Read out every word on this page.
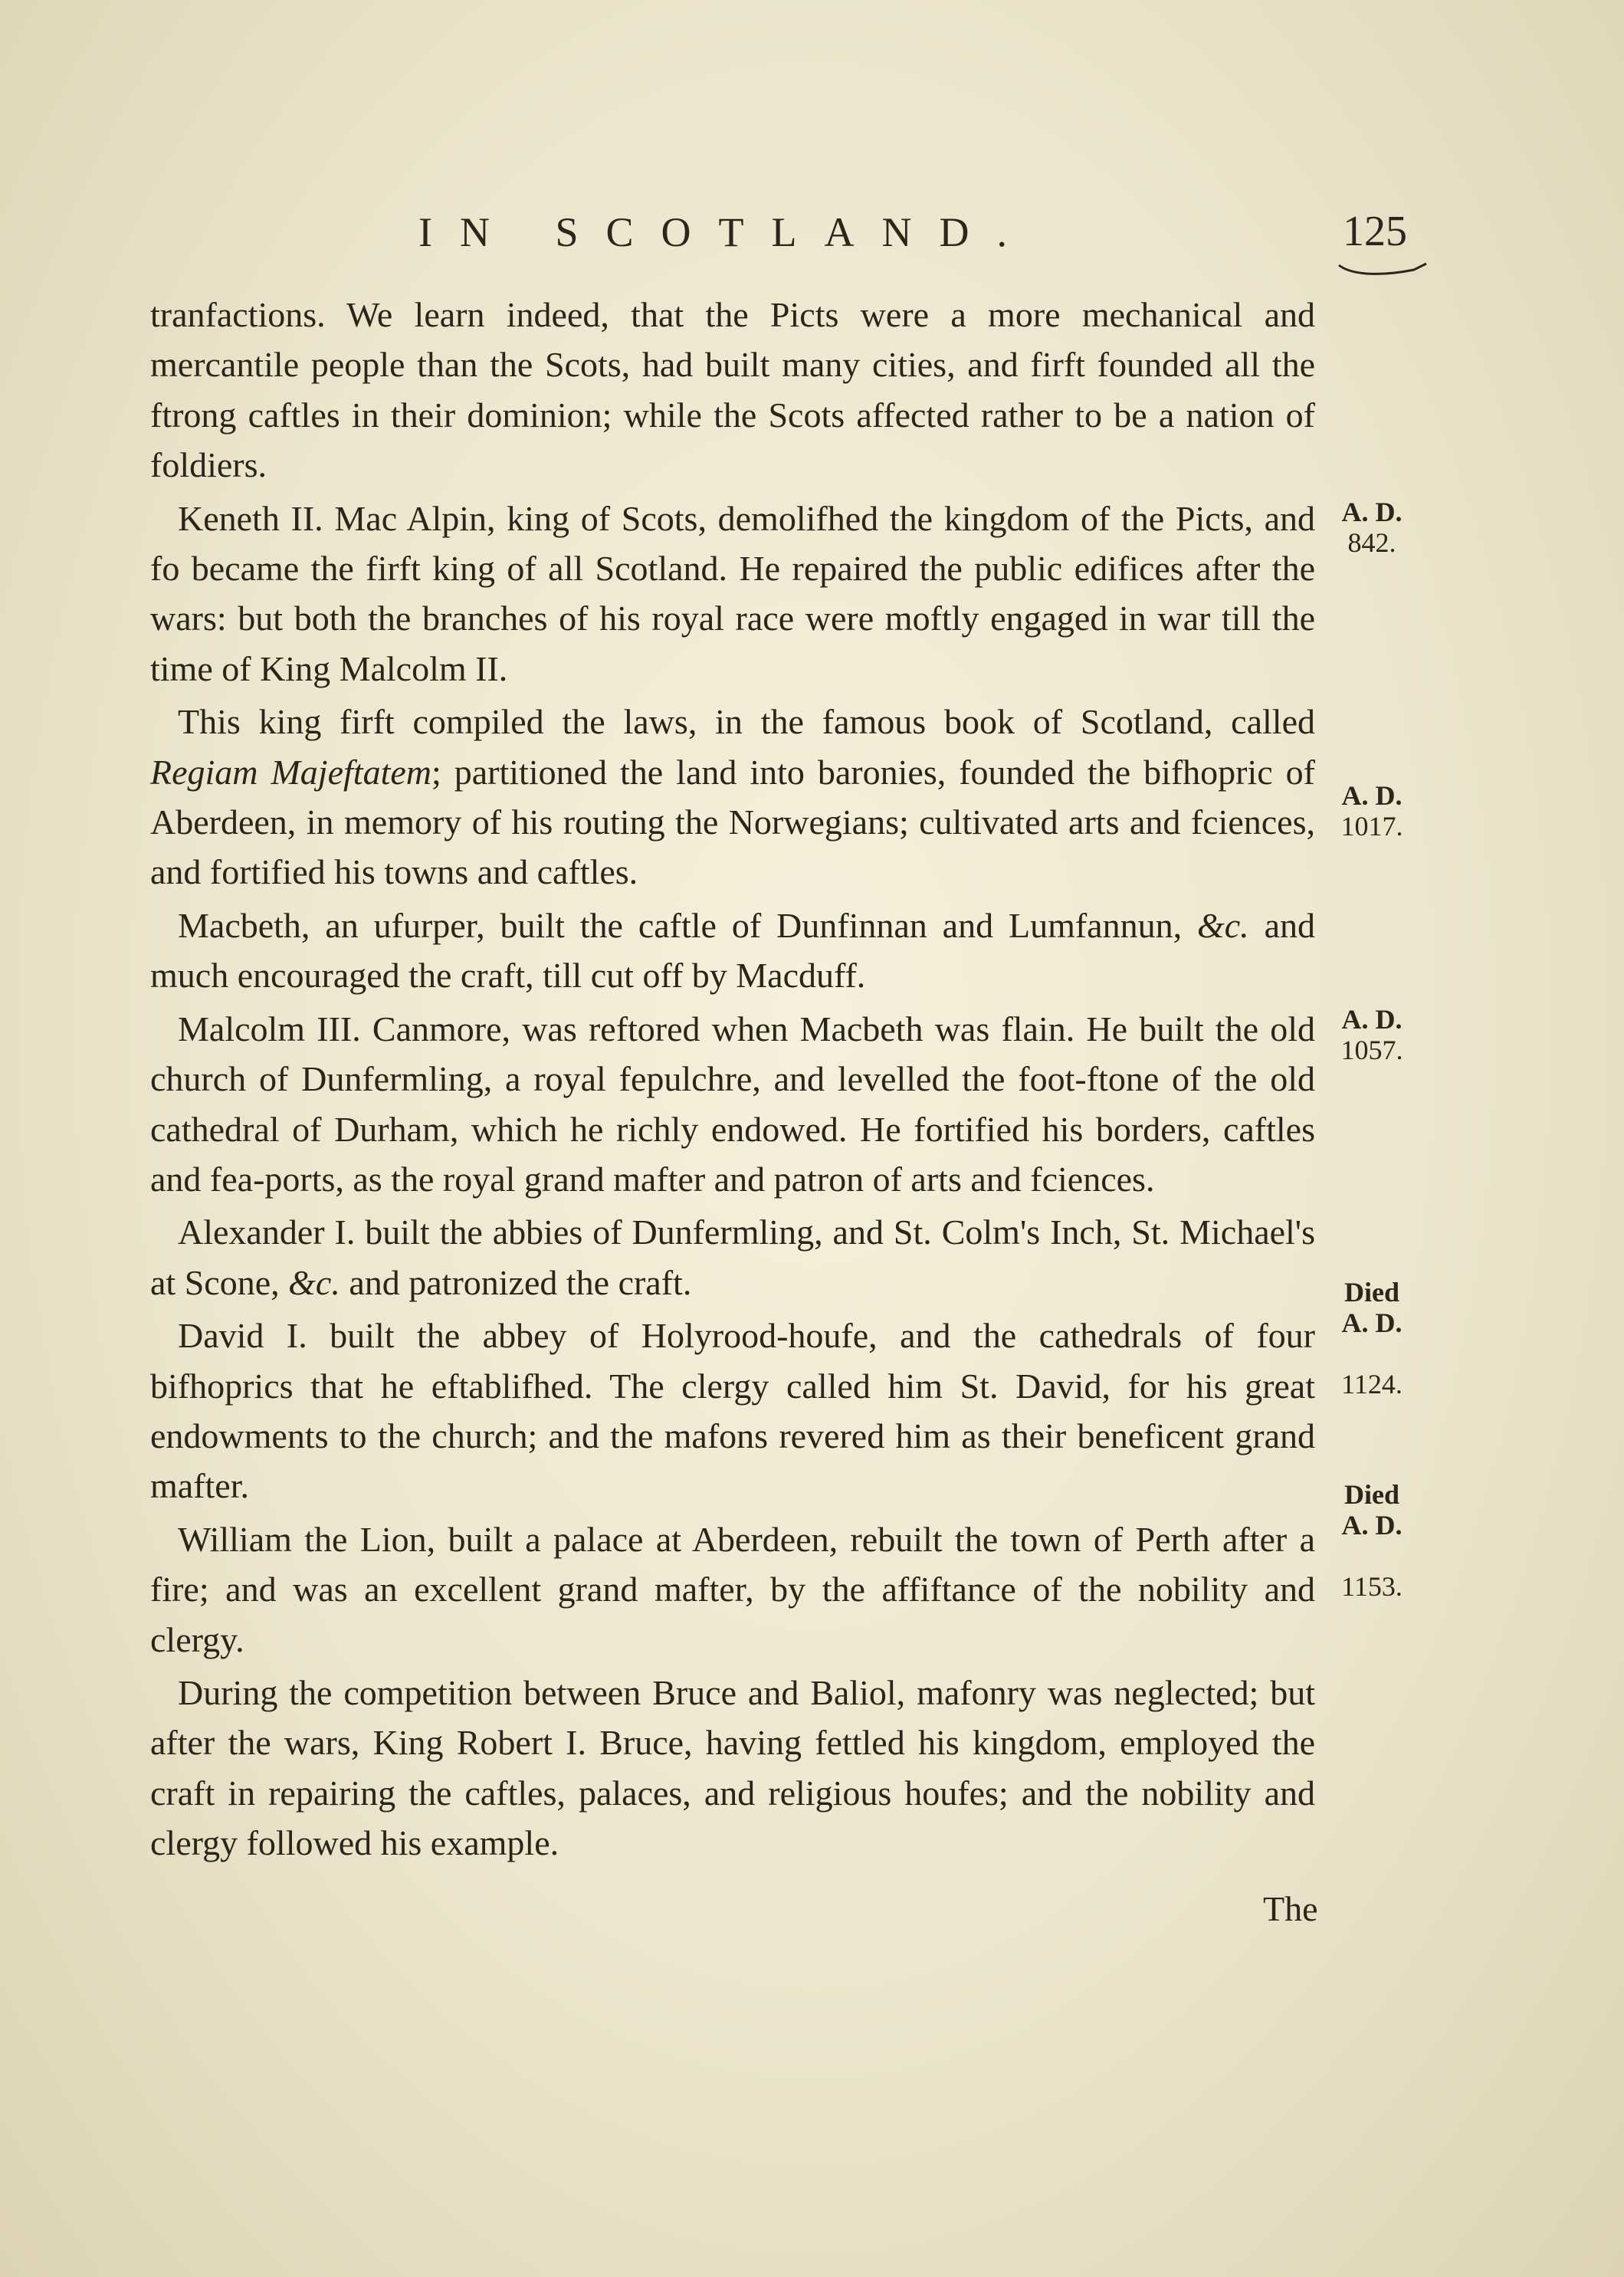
IN SCOTLAND.	125

tranfactions. We learn indeed, that the Picts were a more mechanical and mercantile people than the Scots, had built many cities, and firft founded all the ftrong caftles in their dominion; while the Scots affected rather to be a nation of foldiers.

Keneth II. Mac Alpin, king of Scots, demolifhed the kingdom of the Picts, and fo became the firft king of all Scotland. He repaired the public edifices after the wars: but both the branches of his royal race were moftly engaged in war till the time of King Malcolm II.

This king firft compiled the laws, in the famous book of Scotland, called Regiam Majeftatem; partitioned the land into baronies, founded the bifhopric of Aberdeen, in memory of his routing the Norwegians; cultivated arts and fciences, and fortified his towns and caftles.

Macbeth, an ufurper, built the caftle of Dunfinnan and Lumfannun, &c. and much encouraged the craft, till cut off by Macduff.

Malcolm III. Canmore, was reftored when Macbeth was flain. He built the old church of Dunfermling, a royal fepulchre, and levelled the foot-ftone of the old cathedral of Durham, which he richly endowed. He fortified his borders, caftles and fea-ports, as the royal grand mafter and patron of arts and fciences.

Alexander I. built the abbies of Dunfermling, and St. Colm's Inch, St. Michael's at Scone, &c. and patronized the craft.

David I. built the abbey of Holyrood-houfe, and the cathedrals of four bifhoprics that he eftablifhed. The clergy called him St. David, for his great endowments to the church; and the mafons revered him as their beneficent grand mafter.

William the Lion, built a palace at Aberdeen, rebuilt the town of Perth after a fire; and was an excellent grand mafter, by the affiftance of the nobility and clergy.

During the competition between Bruce and Baliol, mafonry was neglected; but after the wars, King Robert I. Bruce, having fettled his kingdom, employed the craft in repairing the caftles, palaces, and religious houfes; and the nobility and clergy followed his example.

The
A. D.
842.
A. D.
1017.
A. D.
1057.

Died
A. D.

1124.

Died
A. D.

1153.
